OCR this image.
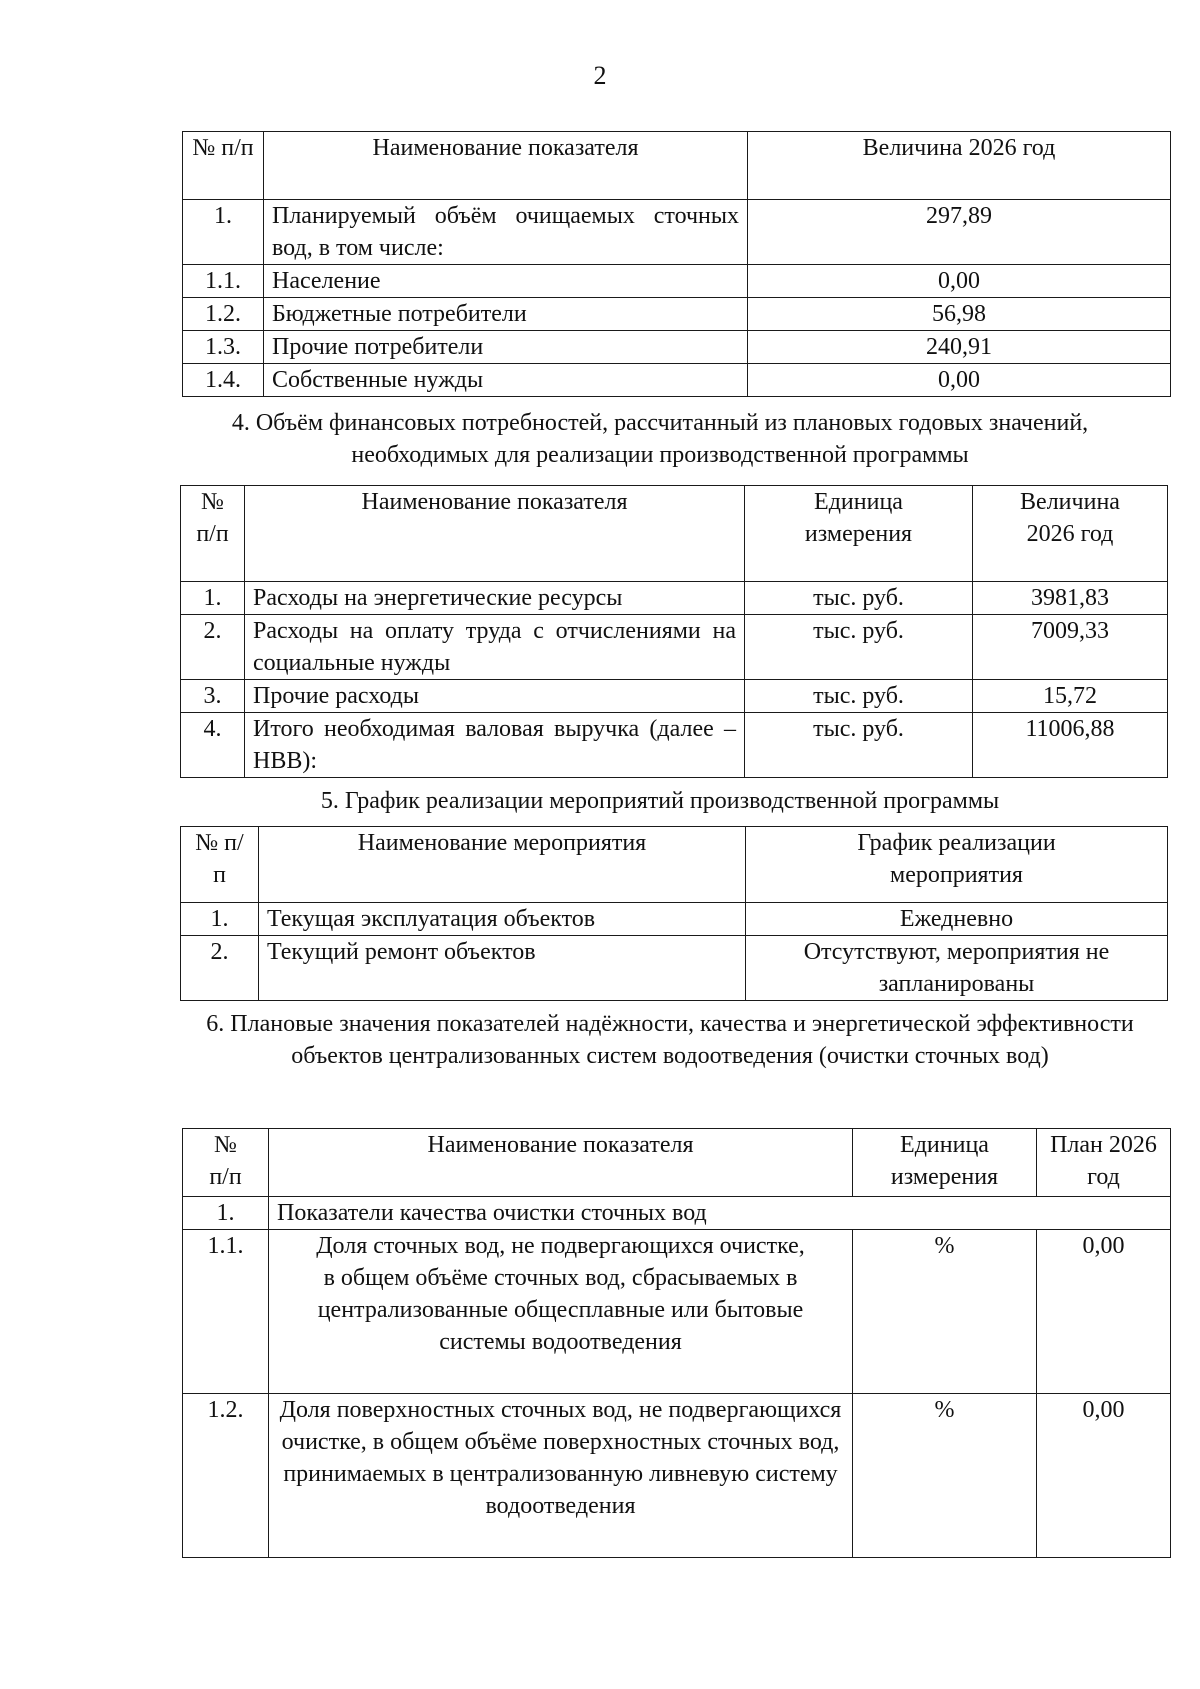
2
№ п/п	Наименование показателя	Величина 2026 год
1.	Планируемый объём очищаемых сточных вод, в том числе:	297,89
1.1.	Население	0,00
1.2.	Бюджетные потребители	56,98
1.3.	Прочие потребители	240,91
1.4.	Собственные нужды	0,00
4. Объём финансовых потребностей, рассчитанный из плановых годовых значений, необходимых для реализации производственной программы
№ п/п	Наименование показателя	Единица измерения	Величина 2026 год
1.	Расходы на энергетические ресурсы	тыс. руб.	3981,83
2.	Расходы на оплату труда с отчислениями на социальные нужды	тыс. руб.	7009,33
3.	Прочие расходы	тыс. руб.	15,72
4.	Итого необходимая валовая выручка (далее – НВВ):	тыс. руб.	11006,88
5. График реализации мероприятий производственной программы
№ п/п	Наименование мероприятия	График реализации мероприятия
1.	Текущая эксплуатация объектов	Ежедневно
2.	Текущий ремонт объектов	Отсутствуют, мероприятия не запланированы
6. Плановые значения показателей надёжности, качества и энергетической эффективности объектов централизованных систем водоотведения (очистки сточных вод)
№ п/п	Наименование показателя	Единица измерения	План 2026 год
1.	Показатели качества очистки сточных вод		
1.1.	Доля сточных вод, не подвергающихся очистке, в общем объёме сточных вод, сбрасываемых в централизованные общесплавные или бытовые системы водоотведения	%	0,00
1.2.	Доля поверхностных сточных вод, не подвергающихся очистке, в общем объёме поверхностных сточных вод, принимаемых в централизованную ливневую систему водоотведения	%	0,00
